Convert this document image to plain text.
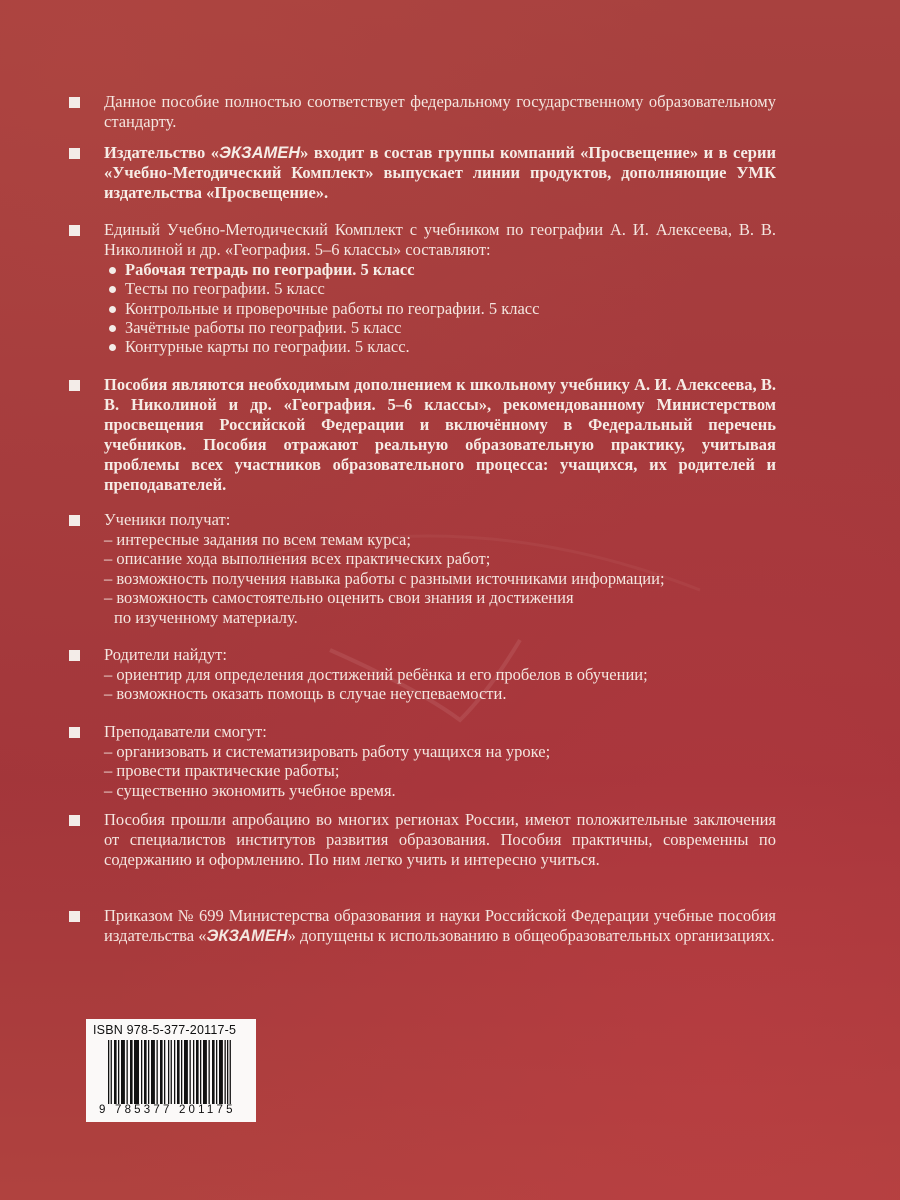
Данное пособие полностью соответствует федеральному государственному образовательному стандарту.
Издательство «ЭКЗАМЕН» входит в состав группы компаний «Просвещение» и в серии «Учебно-Методический Комплект» выпускает линии продуктов, дополняющие УМК издательства «Просвещение».
Единый Учебно-Методический Комплект с учебником по географии А. И. Алексеева, В. В. Николиной и др. «География. 5–6 классы» составляют:
Рабочая тетрадь по географии. 5 класс
Тесты по географии. 5 класс
Контрольные и проверочные работы по географии. 5 класс
Зачётные работы по географии. 5 класс
Контурные карты по географии. 5 класс.
Пособия являются необходимым дополнением к школьному учебнику А. И. Алексеева, В. В. Николиной и др. «География. 5–6 классы», рекомендованному Министерством просвещения Российской Федерации и включённому в Федеральный перечень учебников. Пособия отражают реальную образовательную практику, учитывая проблемы всех участников образовательного процесса: учащихся, их родителей и преподавателей.
Ученики получат:
– интересные задания по всем темам курса;
– описание хода выполнения всех практических работ;
– возможность получения навыка работы с разными источниками информации;
– возможность самостоятельно оценить свои знания и достижения
по изученному материалу.
Родители найдут:
– ориентир для определения достижений ребёнка и его пробелов в обучении;
– возможность оказать помощь в случае неуспеваемости.
Преподаватели смогут:
– организовать и систематизировать работу учащихся на уроке;
– провести практические работы;
– существенно экономить учебное время.
Пособия прошли апробацию во многих регионах России, имеют положительные заключения от специалистов институтов развития образования. Пособия практичны, современны по содержанию и оформлению. По ним легко учить и интересно учиться.
Приказом № 699 Министерства образования и науки Российской Федерации учебные пособия издательства «ЭКЗАМЕН» допущены к использованию в общеобразовательных организациях.
ISBN 978-5-377-20117-5
9 785377 201175
